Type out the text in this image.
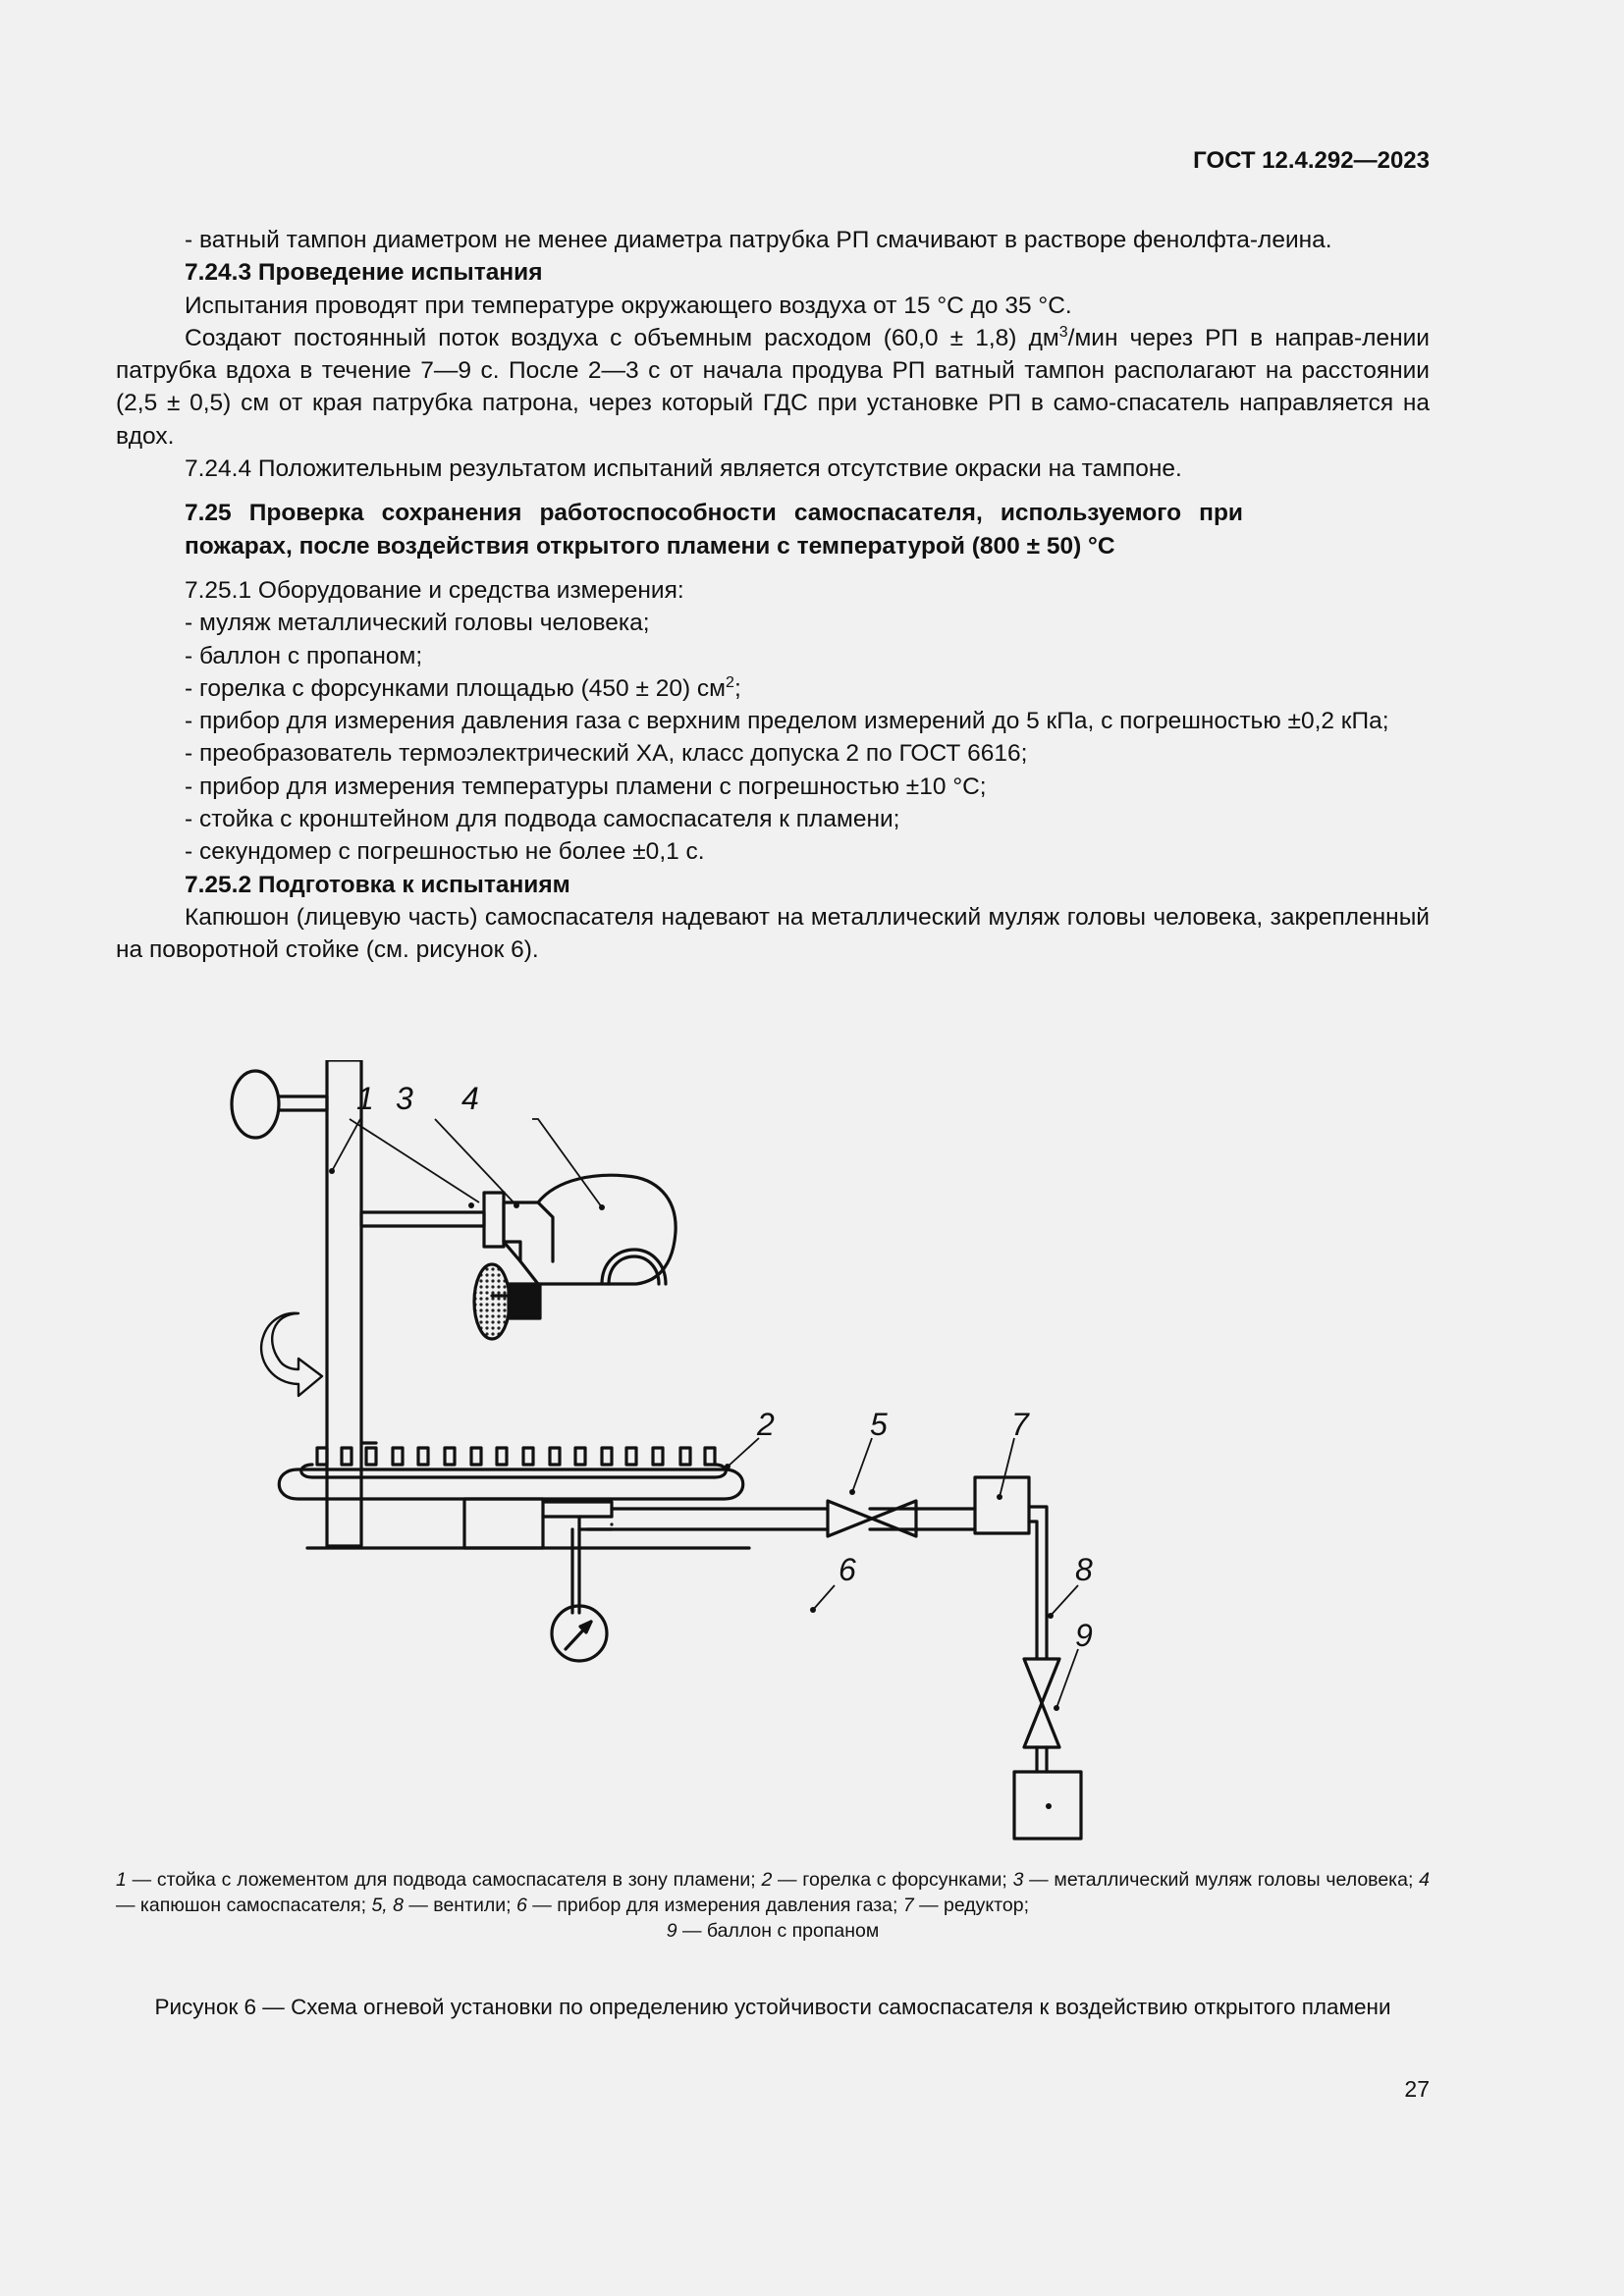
ГОСТ 12.4.292—2023

- ватный тампон диаметром не менее диаметра патрубка РП смачивают в растворе фенолфта-леина.

7.24.3 Проведение испытания

Испытания проводят при температуре окружающего воздуха от 15 °С до 35 °С.

Создают постоянный поток воздуха с объемным расходом (60,0 ± 1,8) $дм^3$/мин через РП в направ-лении патрубка вдоха в течение 7—9 с. После 2—3 с от начала продува РП ватный тампон располагают на расстоянии (2,5 ± 0,5) см от края патрубка патрона, через который ГДС при установке РП в само-спасатель направляется на вдох.

7.24.4 Положительным результатом испытаний является отсутствие окраски на тампоне.

7.25 Проверка сохранения работоспособности самоспасателя, используемого при пожарах, после воздействия открытого пламени с температурой (800 ± 50) °С

7.25.1 Оборудование и средства измерения:

- муляж металлический головы человека;

- баллон с пропаном;

- горелка с форсунками площадью (450 ± 20) $см^2$;

- прибор для измерения давления газа с верхним пределом измерений до 5 кПа, с погрешностью ±0,2 кПа;

- преобразователь термоэлектрический ХА, класс допуска 2 по ГОСТ 6616;

- прибор для измерения температуры пламени с погрешностью ±10 °С;

- стойка с кронштейном для подвода самоспасателя к пламени;

- секундомер с погрешностью не более ±0,1 с.

7.25.2 Подготовка к испытаниям

Капюшон (лицевую часть) самоспасателя надевают на металлический муляж головы человека, закрепленный на поворотной стойке (см. рисунок 6).

1 3 4
2	5	7
6	8
9
1 — стойка с ложементом для подвода самоспасателя в зону пламени; 2 — горелка с форсунками; 3 — металлический муляж головы человека; 4 — капюшон самоспасателя; 5, 8 — вентили; 6 — прибор для измерения давления газа; 7 — редуктор;
9 — баллон с пропаном
Рисунок 6 — Схема огневой установки по определению устойчивости самоспасателя к воздействию открытого пламени
27
